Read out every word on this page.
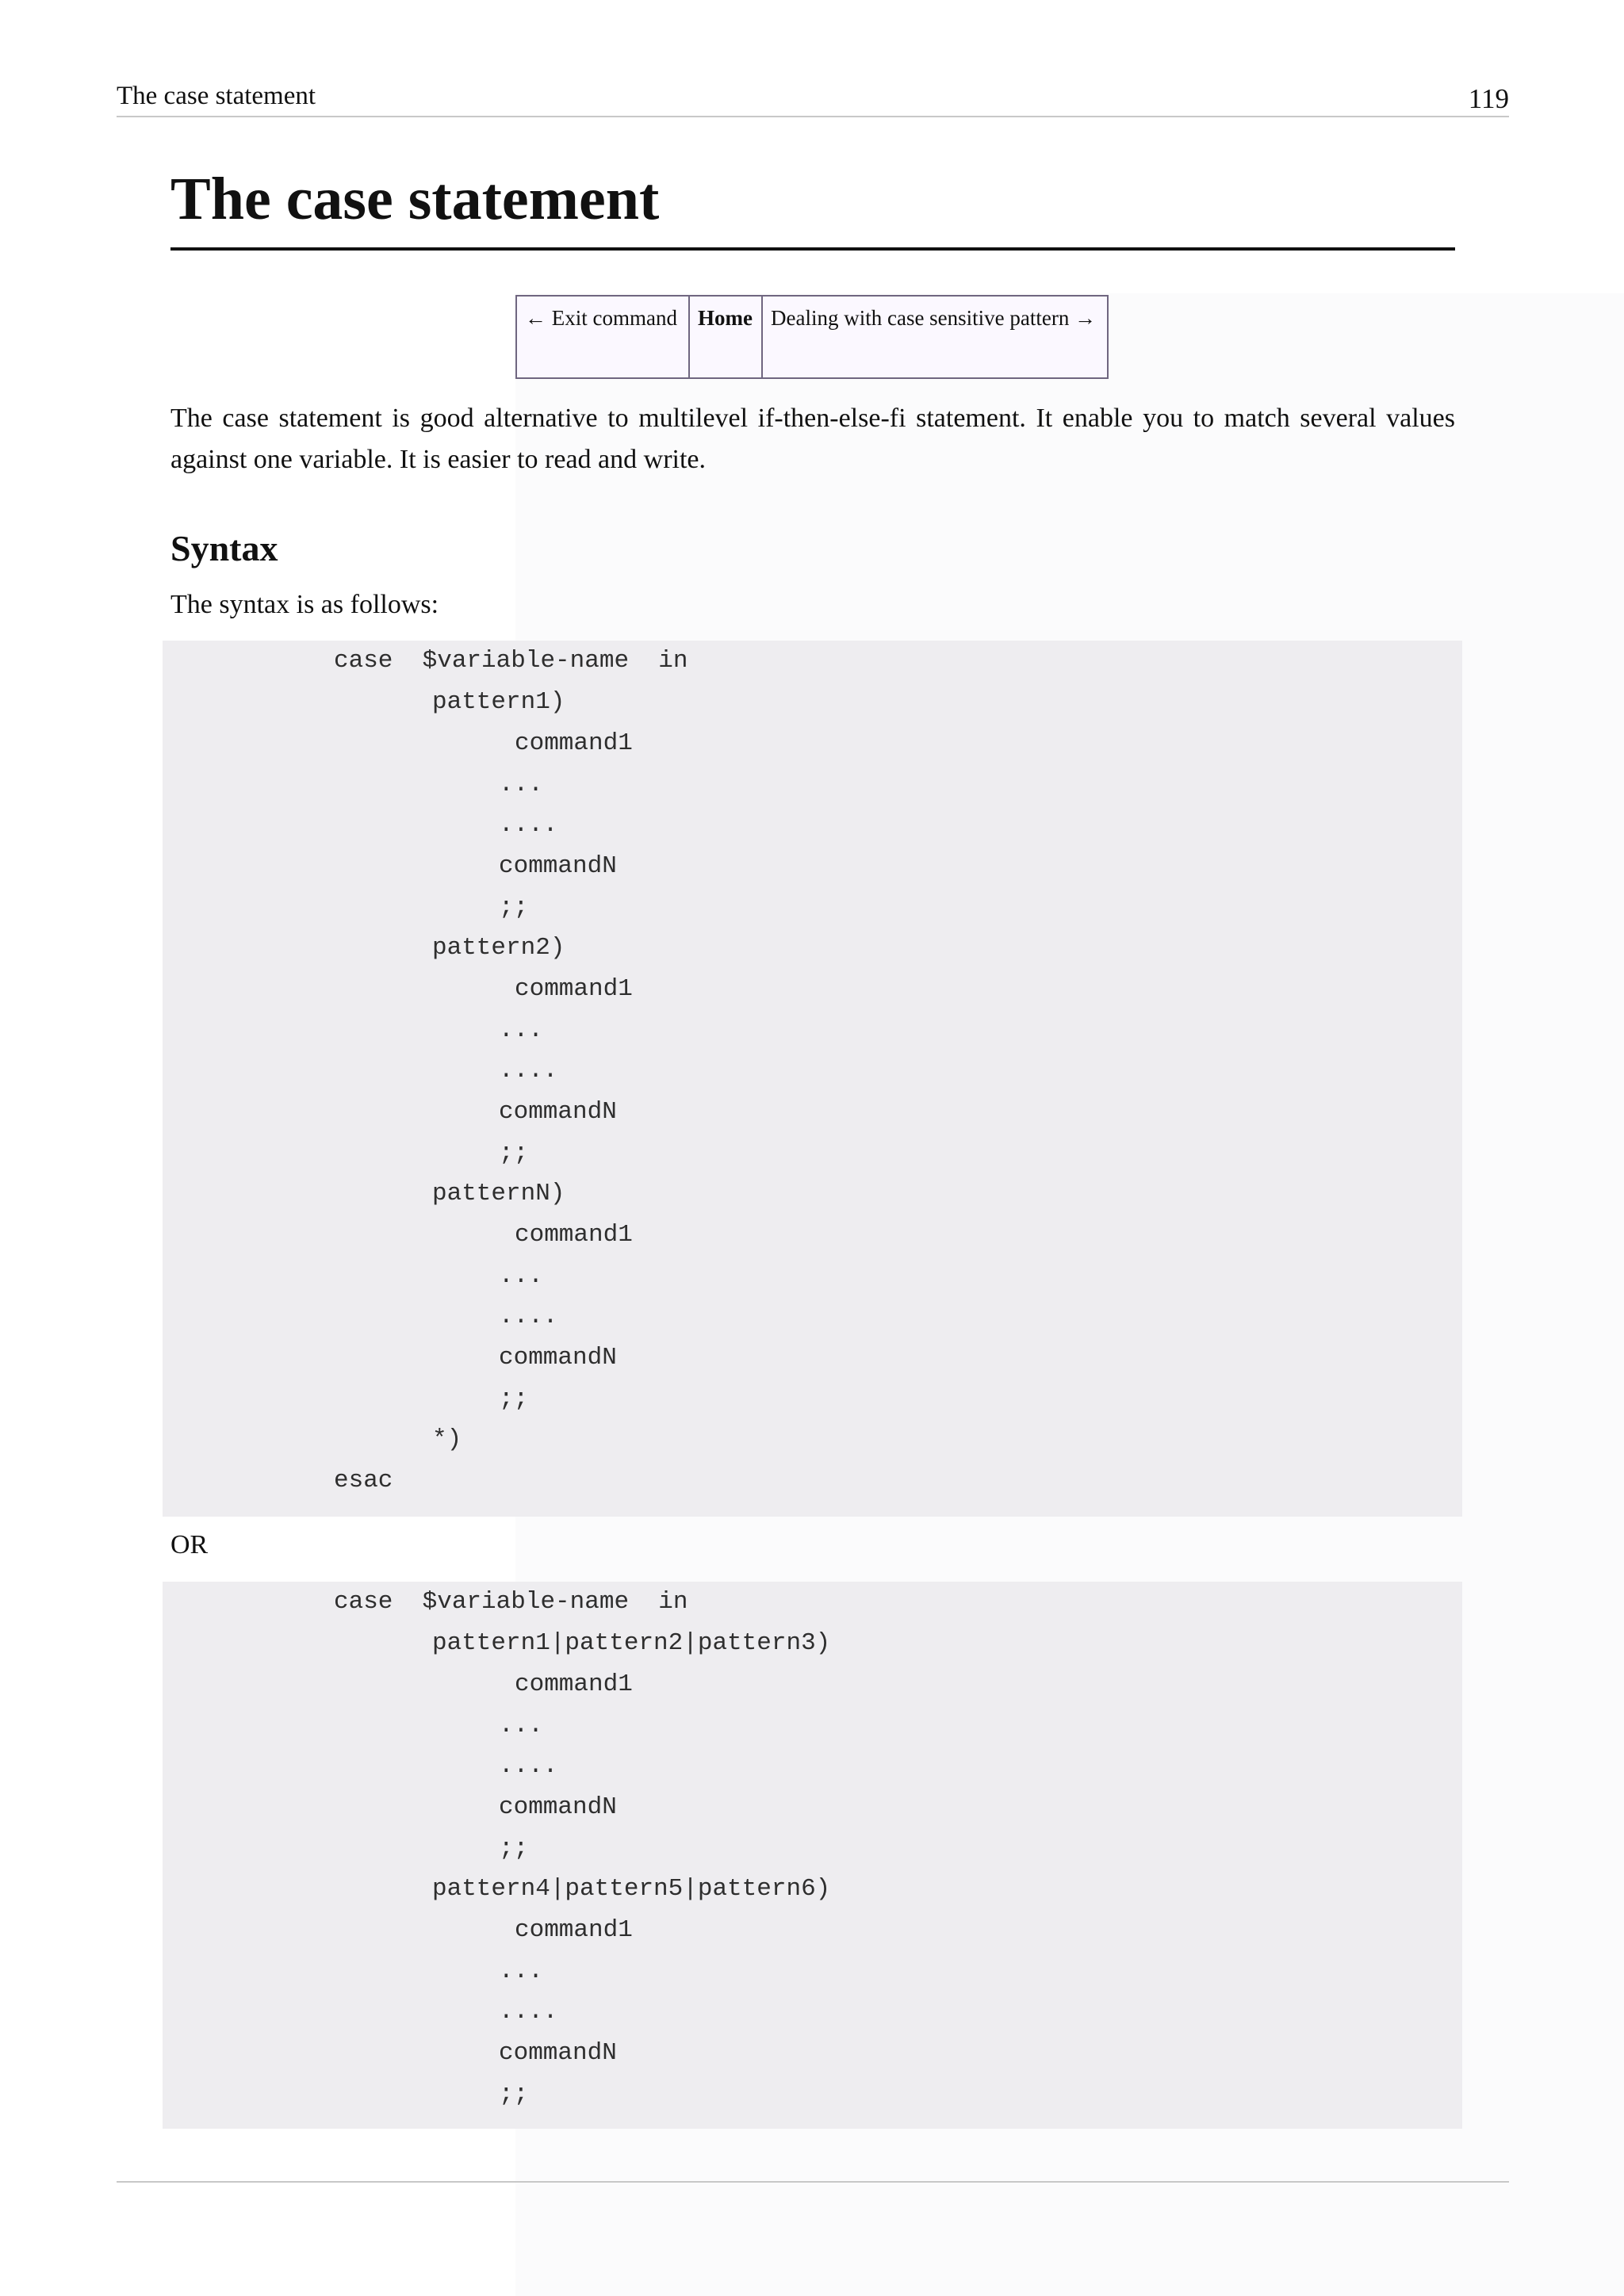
The case statement	119
The case statement
← Exit command	Home	Dealing with case sensitive pattern →

The case statement is good alternative to multilevel if-then-else-fi statement. It enable you to match several values against one variable. It is easier to read and write.

Syntax

The syntax is as follows:

case  $variable-name  in
pattern1)
command1
...
....
commandN
;;
pattern2)
command1
...
....
commandN
;;
patternN)
command1
...
....
commandN
;;
*)
esac

OR

case  $variable-name  in
pattern1|pattern2|pattern3)
command1
...
....
commandN
;;
pattern4|pattern5|pattern6)
command1
...
....
commandN
;;
